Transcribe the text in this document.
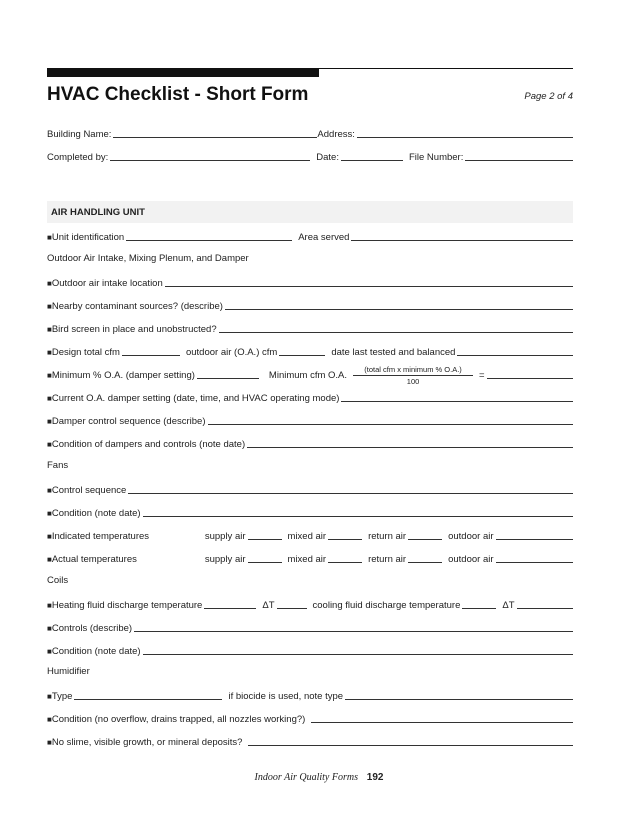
HVAC Checklist - Short Form	Page 2 of 4
Building Name:	Address:
Completed by:	Date:	File Number:
AIR HANDLING UNIT
■ Unit identification	Area served
Outdoor Air Intake, Mixing Plenum, and Damper
■ Outdoor air intake location
■ Nearby contaminant sources? (describe)
■ Bird screen in place and unobstructed?
■ Design total cfm	outdoor air (O.A.) cfm	date last tested and balanced
■ Minimum % O.A. (damper setting)	Minimum cfm O.A. $\frac{\text{(total cfm x minimum \% O.A.)}}{100}$ =
■ Current O.A. damper setting (date, time, and HVAC operating mode)
■ Damper control sequence (describe)
■ Condition of dampers and controls (note date)
Fans
■ Control sequence
■ Condition (note date)
■ Indicated temperatures	supply air	mixed air	return air	outdoor air
■ Actual temperatures	supply air	mixed air	return air	outdoor air
Coils
■ Heating fluid discharge temperature	ΔT	cooling fluid discharge temperature	ΔT
■ Controls (describe)
■ Condition (note date)
Humidifier
■ Type	if biocide is used, note type
■ Condition (no overflow, drains trapped, all nozzles working?)
■ No slime, visible growth, or mineral deposits?
Indoor Air Quality Forms 192
